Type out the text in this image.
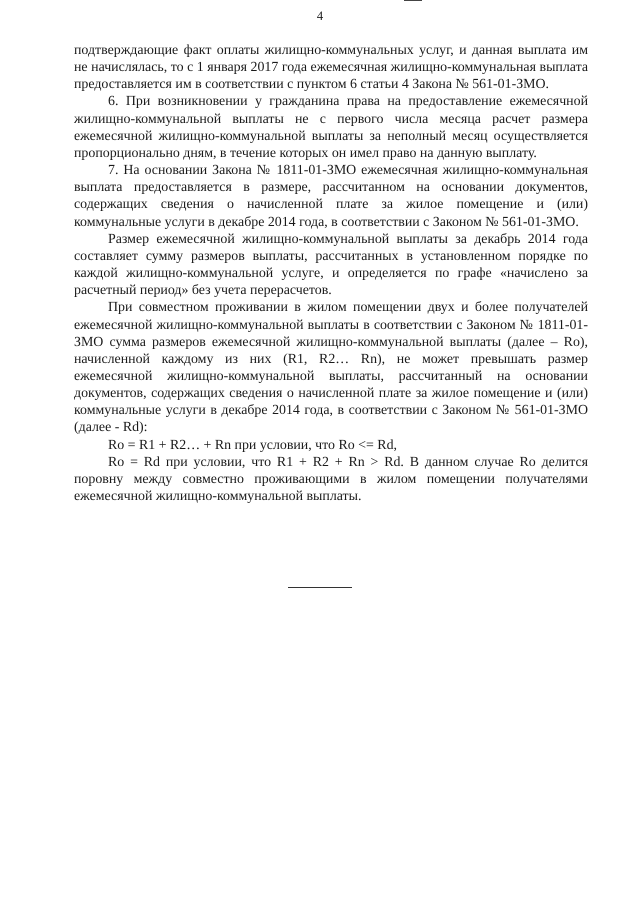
4

подтверждающие факт оплаты жилищно-коммунальных услуг, и данная выплата им не начислялась, то с 1 января 2017 года ежемесячная жилищно-коммунальная выплата предоставляется им в соответствии с пунктом 6 статьи 4 Закона № 561-01-ЗМО.

6. При возникновении у гражданина права на предоставление ежемесячной жилищно-коммунальной выплаты не с первого числа месяца расчет размера ежемесячной жилищно-коммунальной выплаты за неполный месяц осуществляется пропорционально дням, в течение которых он имел право на данную выплату.

7. На основании Закона № 1811-01-ЗМО ежемесячная жилищно-коммунальная выплата предоставляется в размере, рассчитанном на основании документов, содержащих сведения о начисленной плате за жилое помещение и (или) коммунальные услуги в декабре 2014 года, в соответствии с Законом № 561-01-ЗМО.

Размер ежемесячной жилищно-коммунальной выплаты за декабрь 2014 года составляет сумму размеров выплаты, рассчитанных в установленном порядке по каждой жилищно-коммунальной услуге, и определяется по графе «начислено за расчетный период» без учета перерасчетов.

При совместном проживании в жилом помещении двух и более получателей ежемесячной жилищно-коммунальной выплаты в соответствии с Законом № 1811-01-ЗМО сумма размеров ежемесячной жилищно-коммунальной выплаты (далее – Ro), начисленной каждому из них (R1, R2… Rn), не может превышать размер ежемесячной жилищно-коммунальной выплаты, рассчитанный на основании документов, содержащих сведения о начисленной плате за жилое помещение и (или) коммунальные услуги в декабре 2014 года, в соответствии с Законом № 561-01-ЗМО (далее - Rd):

Ro = R1 + R2… + Rn при условии, что Ro <= Rd,

Ro = Rd при условии, что R1 + R2 + Rn > Rd. В данном случае Ro делится поровну между совместно проживающими в жилом помещении получателями ежемесячной жилищно-коммунальной выплаты.
